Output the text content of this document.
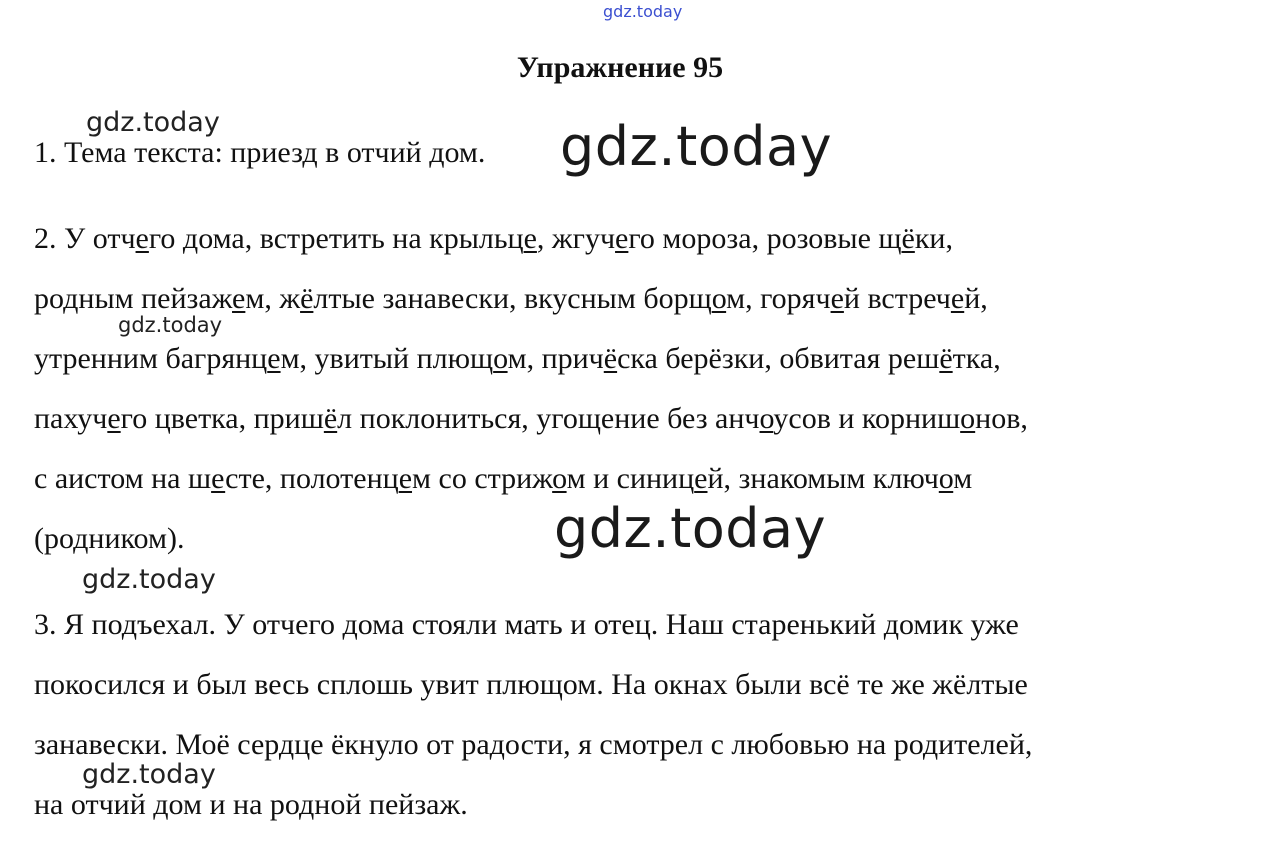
gdz.today
gdz.today
gdz.today
gdz.today
gdz.today
Упражнение 95

1. Тема текста: приезд в отчий дом.

2. У отчего дома, встретить на крыльце, жгучего мороза, розовые щёки,

родным пейзажем, жёлтые занавески, вкусным борщом, горячей встречей,

утренним багрянцем, увитый плющом, причёска берёзки, обвитая решётка,

пахучего цветка, пришёл поклониться, угощение без анчоусов и корнишонов,

с аистом на шесте, полотенцем со стрижом и синицей, знакомым ключом

(родником).

3. Я подъехал. У отчего дома стояли мать и отец. Наш старенький домик уже

покосился и был весь сплошь увит плющом. На окнах были всё те же жёлтые

занавески. Моё сердце ёкнуло от радости, я смотрел с любовью на родителей,

на отчий дом и на родной пейзаж.

gdz.today
gdz.today
